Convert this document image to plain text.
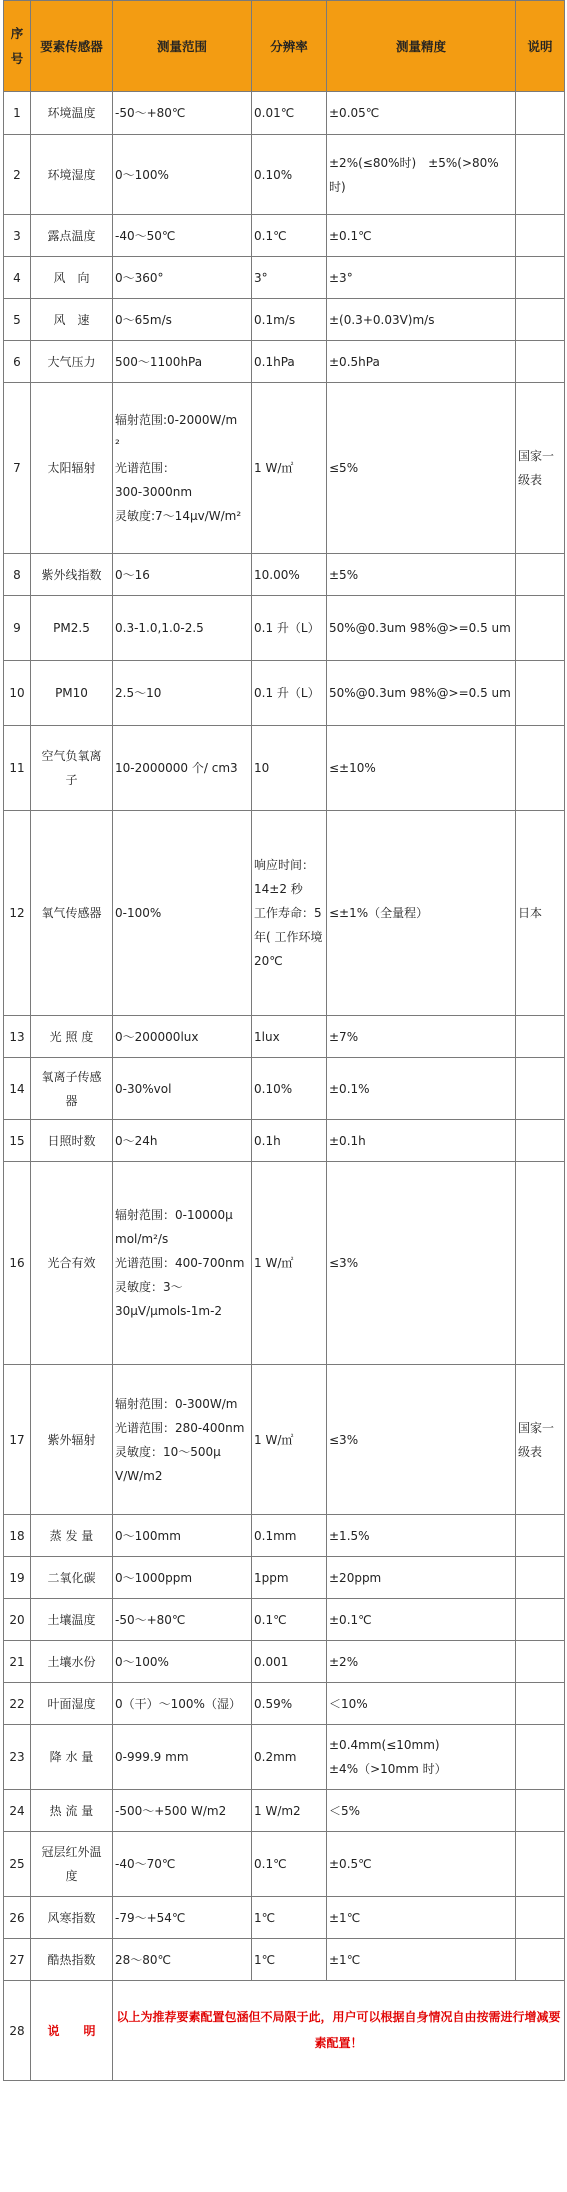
序号	要素传感器	测量范围	分辨率	测量精度	说明
1	环境温度	-50～+80℃	0.01℃	±0.05℃	

2	环境湿度	0～100%	0.10%	±2%(≤80%时)　±5%(>80%
时)	

3	露点温度	-40～50℃	0.1℃	±0.1℃	

4	风　向	0～360°	3°	±3°	

5	风　速	0～65m/s	0.1m/s	±(0.3+0.03V)m/s	

6	大气压力	500～1100hPa	0.1hPa	±0.5hPa	

7	太阳辐射	辐射范围:0-2000W/m
²
光谱范围：
300-3000nm
灵敏度:7～14μv/W/m²	1 W/㎡	≤5%	国家一
级表

8	紫外线指数	0～16	10.00%	±5%	

9	PM2.5	0.3-1.0,1.0-2.5	0.1 升（L）	50%@0.3um 98%@>=0.5 um	

10	PM10	2.5～10	0.1 升（L）	50%@0.3um 98%@>=0.5 um	

11	空气负氧离
子	10-2000000 个/ cm3	10	≤±10%	

12	氧气传感器	0-100%	响应时间：
14±2 秒
工作寿命：5
年( 工作环境
20℃	≤±1%（全量程）	日本

13	光 照 度	0～200000lux	1lux	±7%	

14	氧离子传感
器	0-30%vol	0.10%	±0.1%	

15	日照时数	0～24h	0.1h	±0.1h	

16	光合有效	辐射范围：0-10000μ
mol/m²/s
光谱范围：400-700nm
灵敏度：3～
30μV/μmols-1m-2	1 W/㎡	≤3%	

17	紫外辐射	辐射范围：0-300W/m
光谱范围：280-400nm
灵敏度：10～500μ
V/W/m2	1 W/㎡	≤3%	国家一
级表

18	蒸 发 量	0～100mm	0.1mm	±1.5%	

19	二氧化碳	0～1000ppm	1ppm	±20ppm	

20	土壤温度	-50～+80℃	0.1℃	±0.1℃	

21	土壤水份	0～100%	0.001	±2%	

22	叶面湿度	0（干）～100%（湿）	0.59%	＜10%	

23	降 水 量	0-999.9 mm	0.2mm	±0.4mm(≤10mm)
±4%（>10mm 时）	

24	热 流 量	-500～+500 W/m2	1 W/m2	＜5%	

25	冠层红外温
度	-40～70℃	0.1℃	±0.5℃	

26	风寒指数	-79～+54℃	1℃	±1℃	

27	酷热指数	28～80℃	1℃	±1℃	

28	说　　明	以上为推荐要素配置包涵但不局限于此，用户可以根据自身情况自由按需进行增减要素配置！			
